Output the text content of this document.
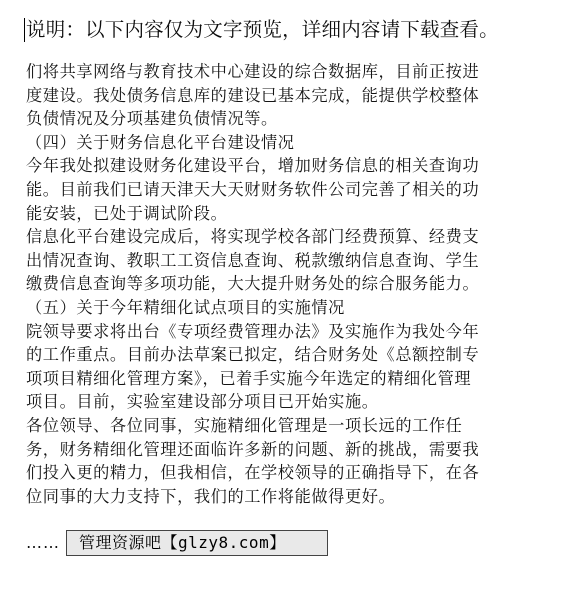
说明：以下内容仅为文字预览，详细内容请下载查看。
们将共享网络与教育技术中心建设的综合数据库，目前正按进
度建设。我处债务信息库的建设已基本完成，能提供学校整体
负债情况及分项基建负债情况等。
（四）关于财务信息化平台建设情况
今年我处拟建设财务化建设平台，增加财务信息的相关查询功
能。目前我们已请天津天大天财财务软件公司完善了相关的功
能安装，已处于调试阶段。
信息化平台建设完成后，将实现学校各部门经费预算、经费支
出情况查询、教职工工资信息查询、税款缴纳信息查询、学生
缴费信息查询等多项功能，大大提升财务处的综合服务能力。
（五）关于今年精细化试点项目的实施情况
院领导要求将出台《专项经费管理办法》及实施作为我处今年
的工作重点。目前办法草案已拟定，结合财务处《总额控制专
项项目精细化管理方案》，已着手实施今年选定的精细化管理
项目。目前，实验室建设部分项目已开始实施。
各位领导、各位同事，实施精细化管理是一项长远的工作任
务，财务精细化管理还面临许多新的问题、新的挑战，需要我
们投入更的精力，但我相信，在学校领导的正确指导下，在各
位同事的大力支持下，我们的工作将能做得更好。
……	管理资源吧【glzy8.com】
